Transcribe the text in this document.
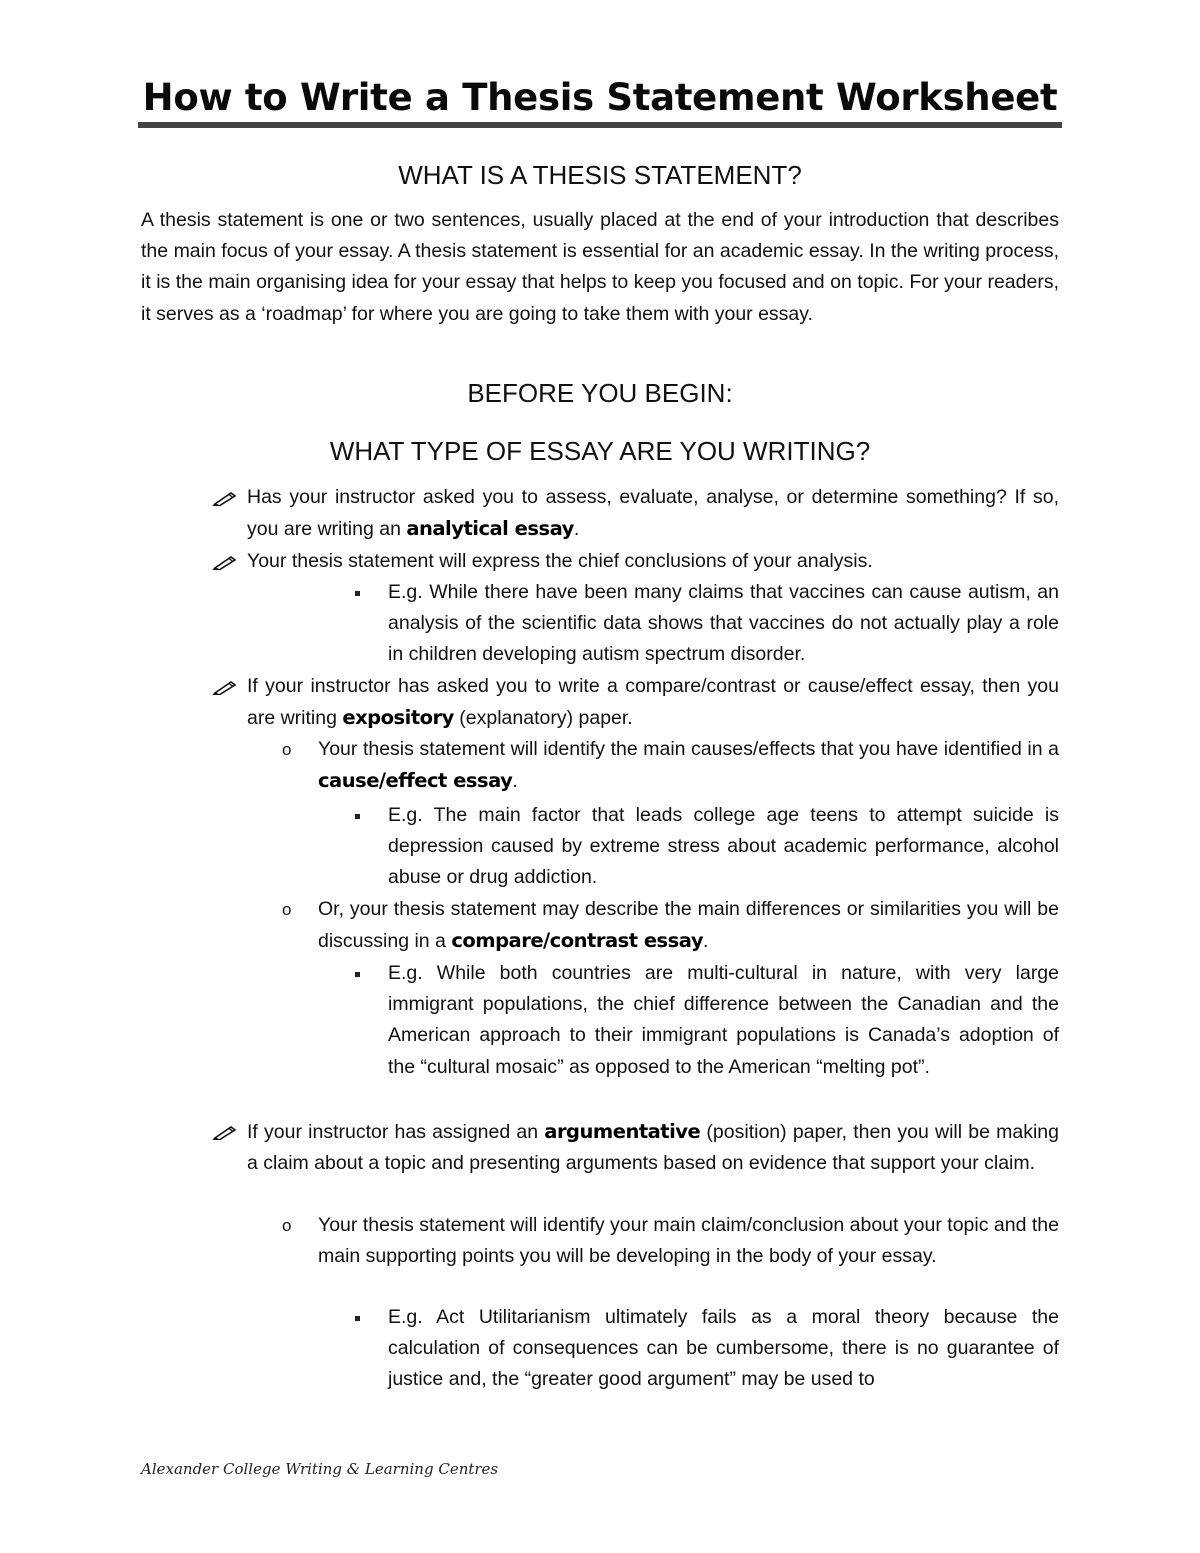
How to Write a Thesis Statement Worksheet
WHAT IS A THESIS STATEMENT?

A thesis statement is one or two sentences, usually placed at the end of your introduction that describes the main focus of your essay. A thesis statement is essential for an academic essay. In the writing process, it is the main organising idea for your essay that helps to keep you focused and on topic. For your readers, it serves as a ‘roadmap’ for where you are going to take them with your essay.

BEFORE YOU BEGIN:
WHAT TYPE OF ESSAY ARE YOU WRITING?

Has your instructor asked you to assess, evaluate, analyse, or determine something? If so, you are writing an analytical essay.

Your thesis statement will express the chief conclusions of your analysis.

E.g. While there have been many claims that vaccines can cause autism, an analysis of the scientific data shows that vaccines do not actually play a role in children developing autism spectrum disorder.

If your instructor has asked you to write a compare/contrast or cause/effect essay, then you are writing expository (explanatory) paper.

o Your thesis statement will identify the main causes/effects that you have identified in a cause/effect essay.

E.g. The main factor that leads college age teens to attempt suicide is depression caused by extreme stress about academic performance, alcohol abuse or drug addiction.

o Or, your thesis statement may describe the main differences or similarities you will be discussing in a compare/contrast essay.

E.g. While both countries are multi-cultural in nature, with very large immigrant populations, the chief difference between the Canadian and the American approach to their immigrant populations is Canada’s adoption of the “cultural mosaic” as opposed to the American “melting pot”.

If your instructor has assigned an argumentative (position) paper, then you will be making a claim about a topic and presenting arguments based on evidence that support your claim.

o Your thesis statement will identify your main claim/conclusion about your topic and the main supporting points you will be developing in the body of your essay.

E.g. Act Utilitarianism ultimately fails as a moral theory because the calculation of consequences can be cumbersome, there is no guarantee of justice and, the “greater good argument” may be used to

Alexander College Writing & Learning Centres
